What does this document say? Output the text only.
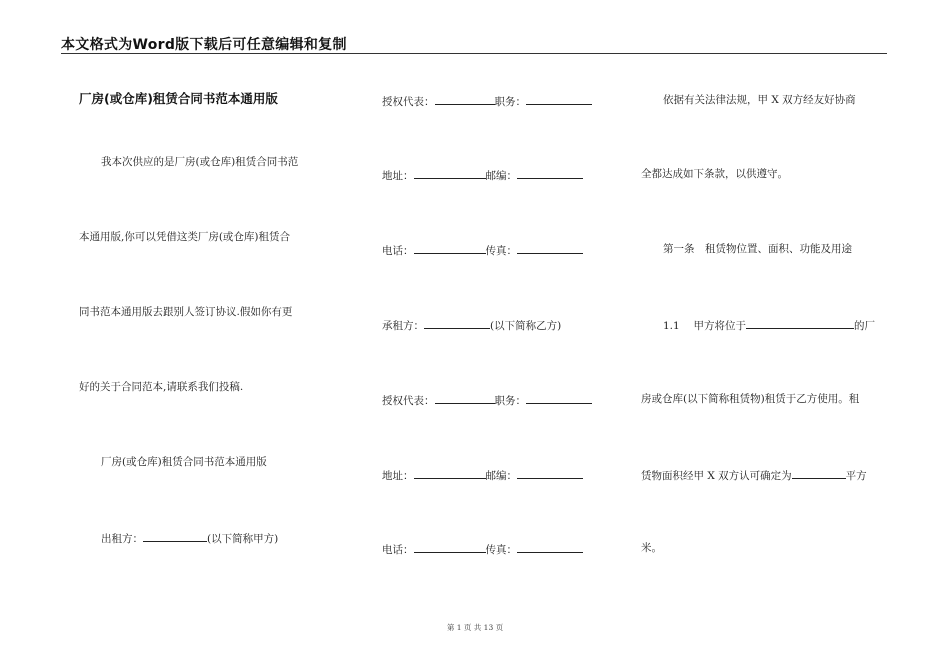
本文格式为Word版下载后可任意编辑和复制
厂房(或仓库)租赁合同书范本通用版
我本次供应的是厂房(或仓库)租赁合同书范
本通用版,你可以凭借这类厂房(或仓库)租赁合
同书范本通用版去跟别人签订协议.假如你有更
好的关于合同范本,请联系我们投稿.
厂房(或仓库)租赁合同书范本通用版
出租方：	(以下简称甲方)
授权代表：	职务：
地址：	邮编：
电话：	传真：
承租方：	(以下简称乙方)
授权代表：	职务：
地址：	邮编：
电话：	传真：
依据有关法律法规，甲 X 双方经友好协商
全都达成如下条款，以供遵守。
第一条　租赁物位置、面积、功能及用途
1.1　 甲方将位于	的厂
房或仓库(以下简称租赁物)租赁于乙方使用。租
赁物面积经甲 X 双方认可确定为	平方
米。
第 1 页 共 13 页
